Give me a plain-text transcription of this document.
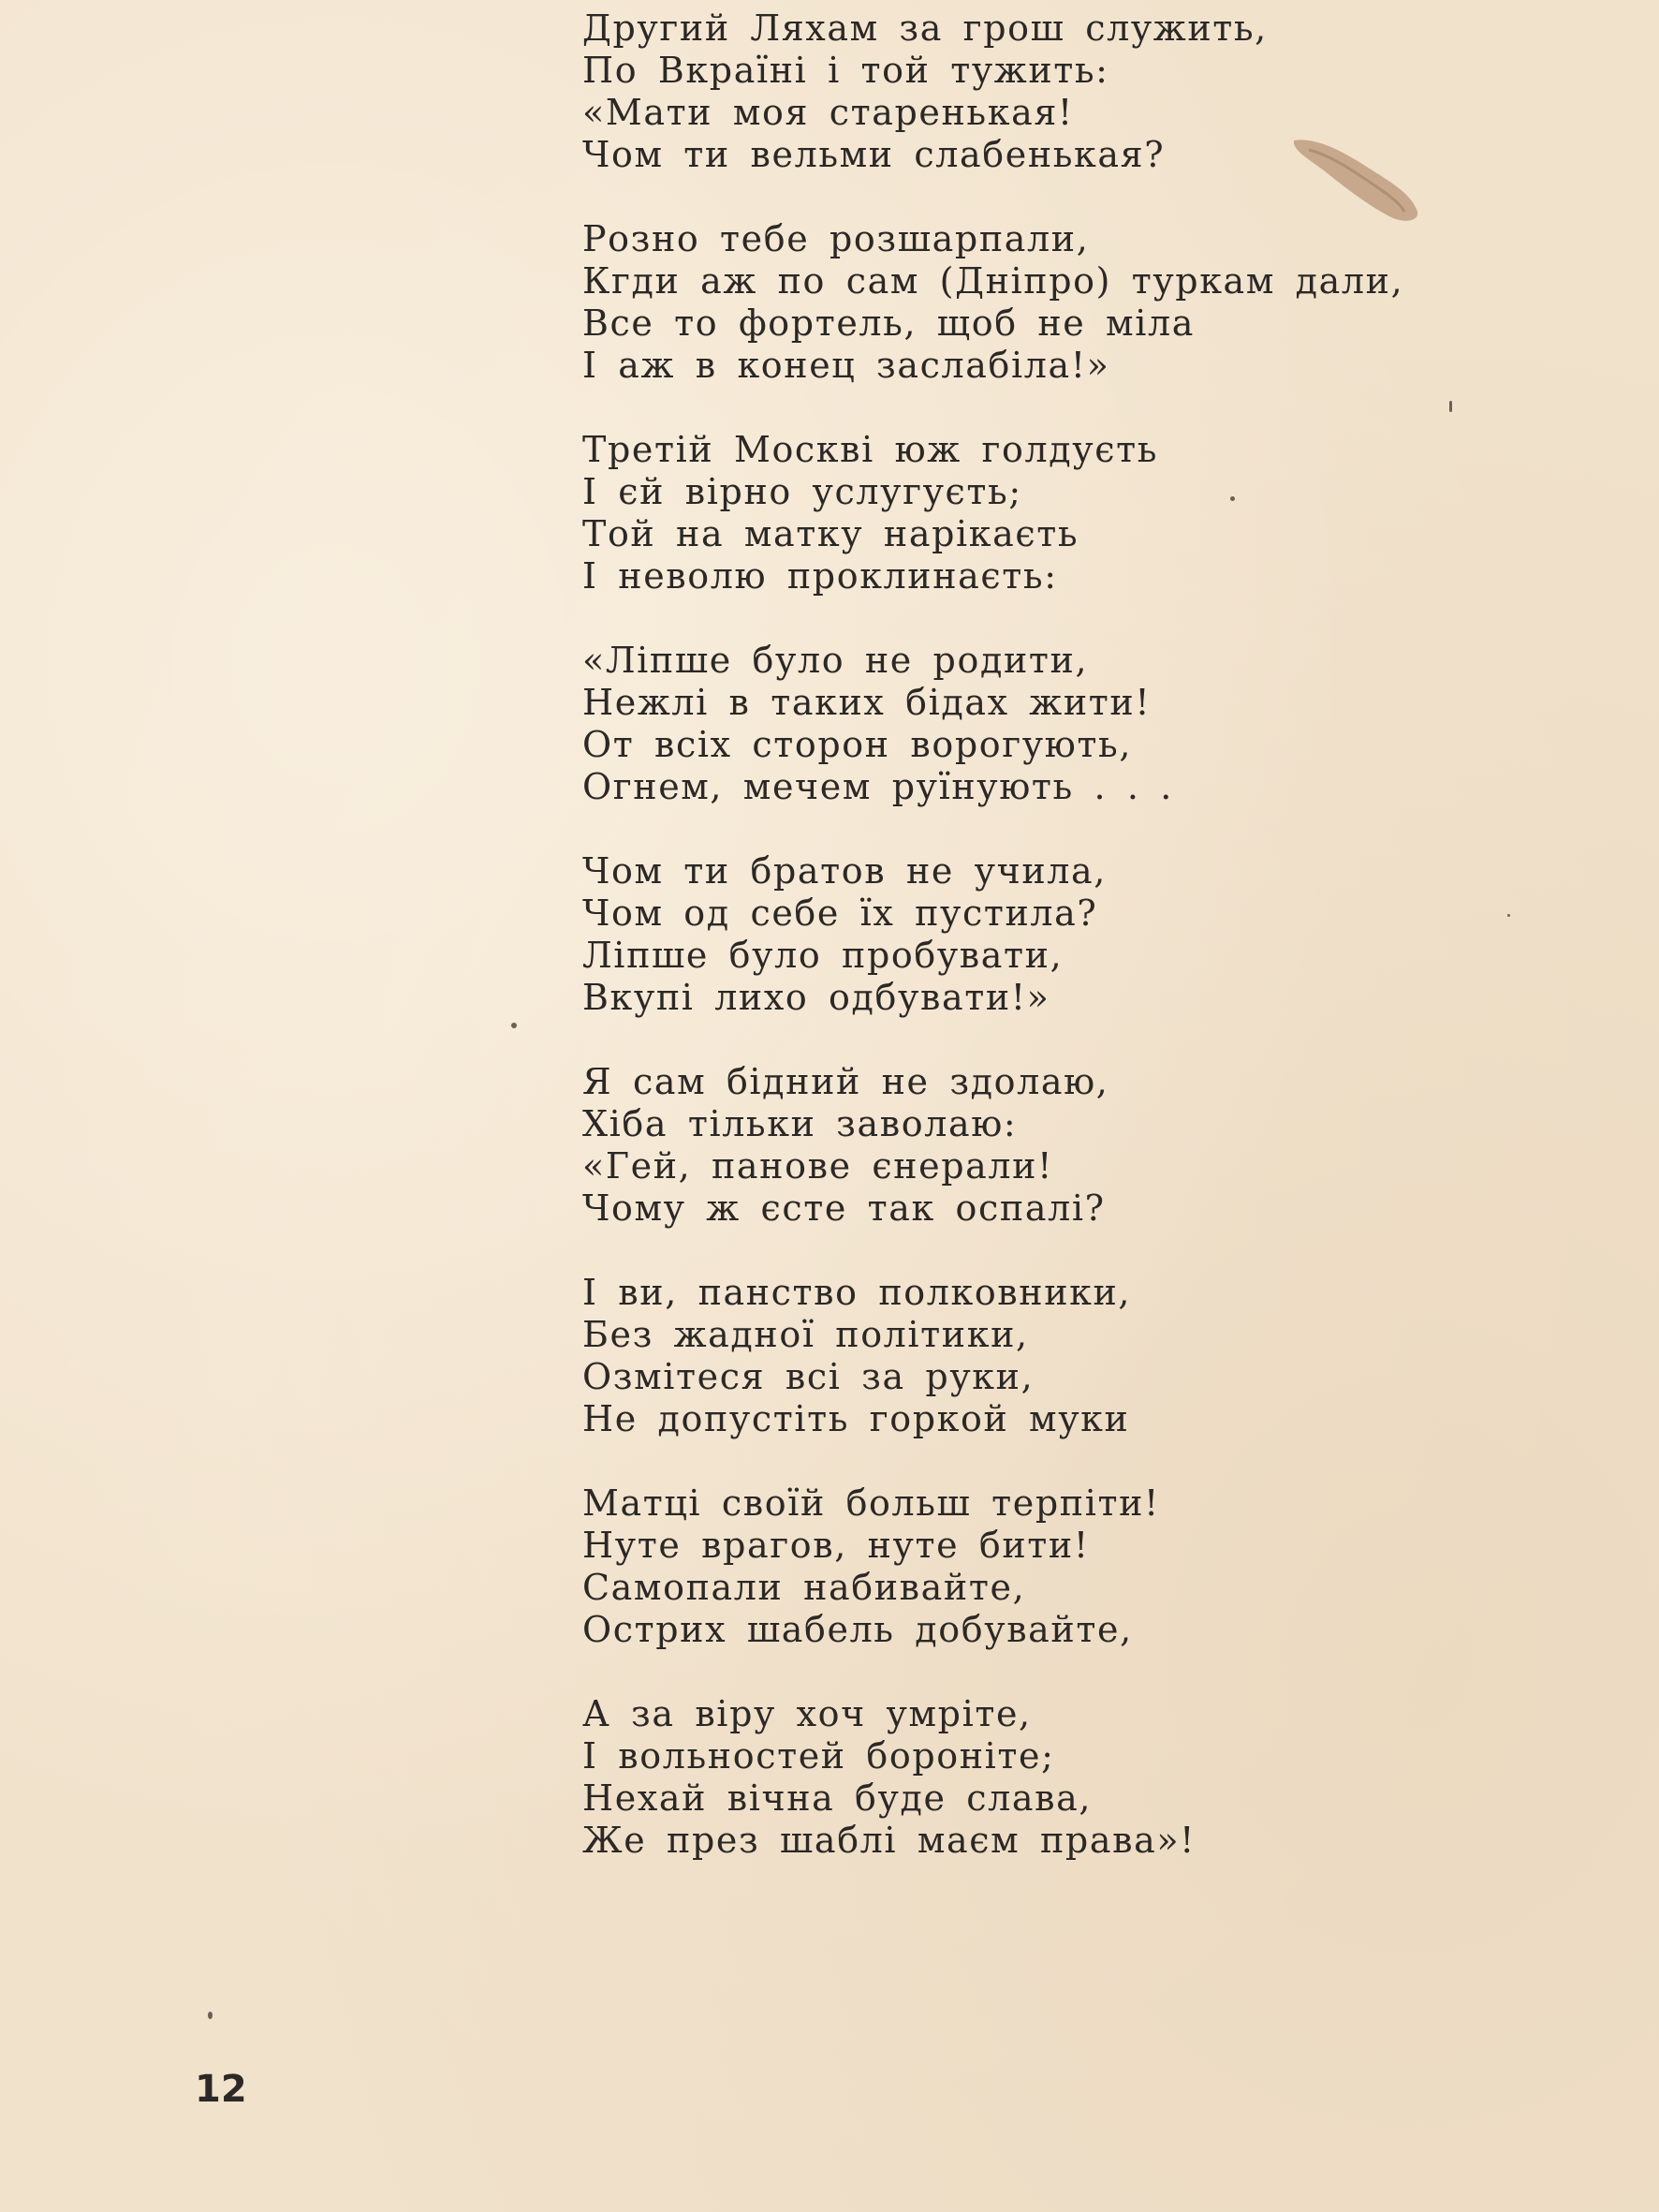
Другий Ляхам за грош служить,
По Вкраїні і той тужить:
«Мати моя старенькая!
Чом ти вельми слабенькая?
Розно тебе розшарпали,
Кгди аж по сам (Дніпро) туркам дали,
Все то фортель, щоб не міла
І аж в конец заслабіла!»
Третій Москві юж голдуєть
І єй вірно услугуєть;
Той на матку нарікаєть
І неволю проклинаєть:
«Ліпше було не родити,
Нежлі в таких бідах жити!
От всіх сторон ворогують,
Огнем, мечем руїнують . . .
Чом ти братов не учила,
Чом од себе їх пустила?
Ліпше було пробувати,
Вкупі лихо одбувати!»
Я сам бідний не здолаю,
Хіба тільки заволаю:
«Гей, панове єнерали!
Чому ж єсте так оспалі?
І ви, панство полковники,
Без жадної політики,
Озмітеся всі за руки,
Не допустіть горкой муки
Матці своїй больш терпіти!
Нуте врагов, нуте бити!
Самопали набивайте,
Острих шабель добувайте,
А за віру хоч умріте,
І вольностей бороніте;
Нехай вічна буде слава,
Же през шаблі маєм права»!
12
